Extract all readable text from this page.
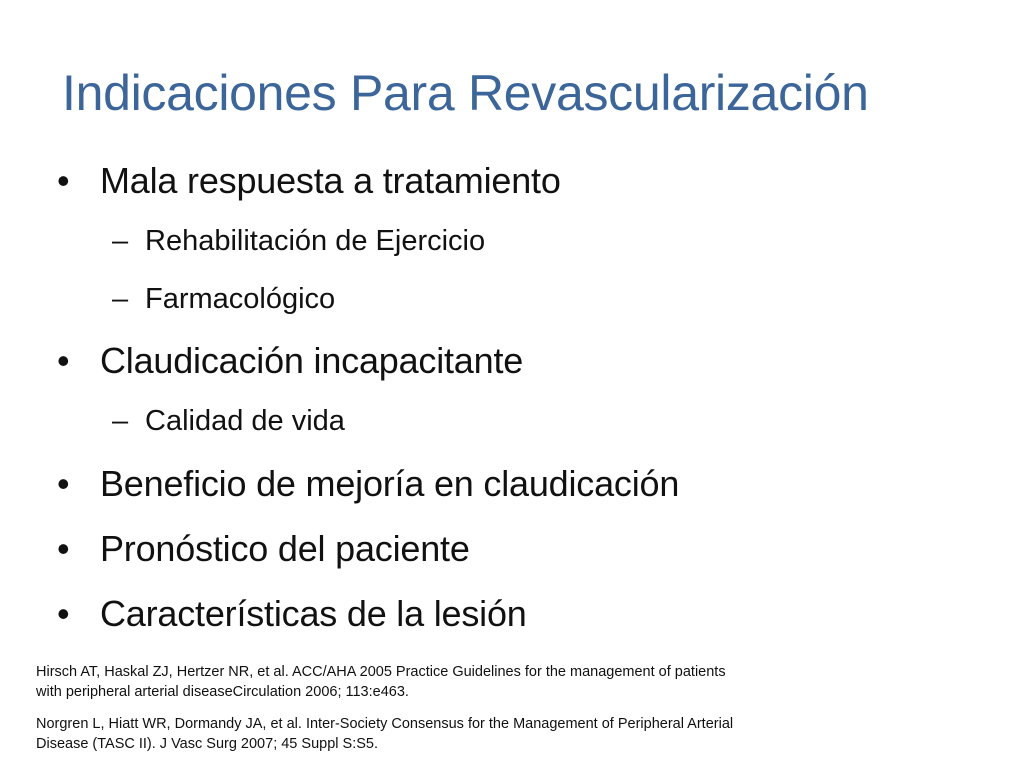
Indicaciones Para Revascularización
• Mala respuesta a tratamiento
– Rehabilitación de Ejercicio
– Farmacológico
• Claudicación incapacitante
– Calidad de vida
• Beneficio de mejoría en claudicación
• Pronóstico del paciente
• Características de la lesión
Hirsch AT, Haskal ZJ, Hertzer NR, et al. ACC/AHA 2005 Practice Guidelines for the management of patients
with peripheral arterial diseaseCirculation 2006; 113:e463.
Norgren L, Hiatt WR, Dormandy JA, et al. Inter-Society Consensus for the Management of Peripheral Arterial
Disease (TASC II). J Vasc Surg 2007; 45 Suppl S:S5.
